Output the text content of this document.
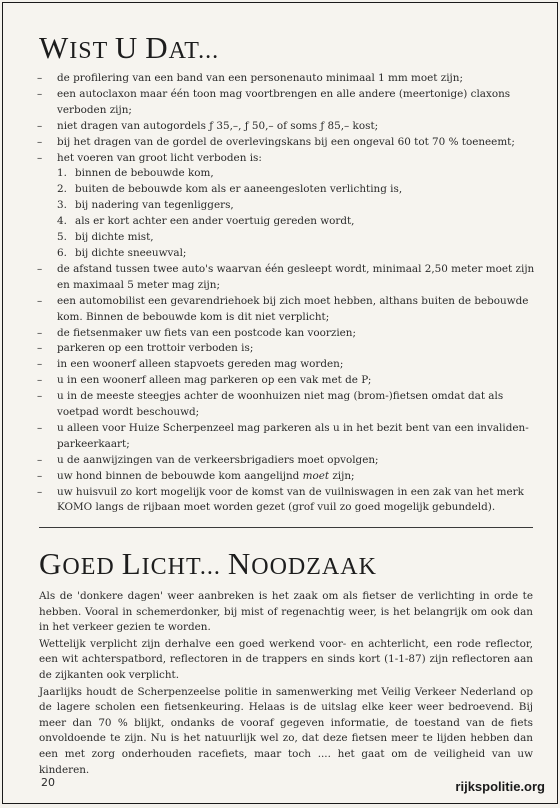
WIST U DAT...
– de profilering van een band van een personenauto minimaal 1 mm moet zijn;
– een autoclaxon maar één toon mag voortbrengen en alle andere (meertonige) claxons verboden zijn;
– niet dragen van autogordels ƒ 35,–, ƒ 50,– of soms ƒ 85,– kost;
– bij het dragen van de gordel de overlevingskans bij een ongeval 60 tot 70 % toeneemt;
– het voeren van groot licht verboden is:
1. binnen de bebouwde kom,
2. buiten de bebouwde kom als er aaneengesloten verlichting is,
3. bij nadering van tegenliggers,
4. als er kort achter een ander voertuig gereden wordt,
5. bij dichte mist,
6. bij dichte sneeuwval;
– de afstand tussen twee auto's waarvan één gesleept wordt, minimaal 2,50 meter moet zijn en maximaal 5 meter mag zijn;
– een automobilist een gevarendriehoek bij zich moet hebben, althans buiten de bebouwde kom. Binnen de bebouwde kom is dit niet verplicht;
– de fietsenmaker uw fiets van een postcode kan voorzien;
– parkeren op een trottoir verboden is;
– in een woonerf alleen stapvoets gereden mag worden;
– u in een woonerf alleen mag parkeren op een vak met de P;
– u in de meeste steegjes achter de woonhuizen niet mag (brom-)fietsen omdat dat als voetpad wordt beschouwd;
– u alleen voor Huize Scherpenzeel mag parkeren als u in het bezit bent van een invaliden-parkeerkaart;
– u de aanwijzingen van de verkeersbrigadiers moet opvolgen;
– uw hond binnen de bebouwde kom aangelijnd moet zijn;
– uw huisvuil zo kort mogelijk voor de komst van de vuilniswagen in een zak van het merk KOMO langs de rijbaan moet worden gezet (grof vuil zo goed mogelijk gebundeld).
GOED LICHT... NOODZAAK

Als de 'donkere dagen' weer aanbreken is het zaak om als fietser de verlichting in orde te hebben. Vooral in schemerdonker, bij mist of regenachtig weer, is het belangrijk om ook dan in het verkeer gezien te worden.

Wettelijk verplicht zijn derhalve een goed werkend voor- en achterlicht, een rode reflector, een wit achterspatbord, reflectoren in de trappers en sinds kort (1-1-87) zijn reflectoren aan de zijkanten ook verplicht.

Jaarlijks houdt de Scherpenzeelse politie in samenwerking met Veilig Verkeer Nederland op de lagere scholen een fietsenkeuring. Helaas is de uitslag elke keer weer bedroevend. Bij meer dan 70 % blijkt, ondanks de vooraf gegeven informatie, de toestand van de fiets onvoldoende te zijn. Nu is het natuurlijk wel zo, dat deze fietsen meer te lijden hebben dan een met zorg onderhouden racefiets, maar toch .... het gaat om de veiligheid van uw kinderen.

20	rijkspolitie.org
